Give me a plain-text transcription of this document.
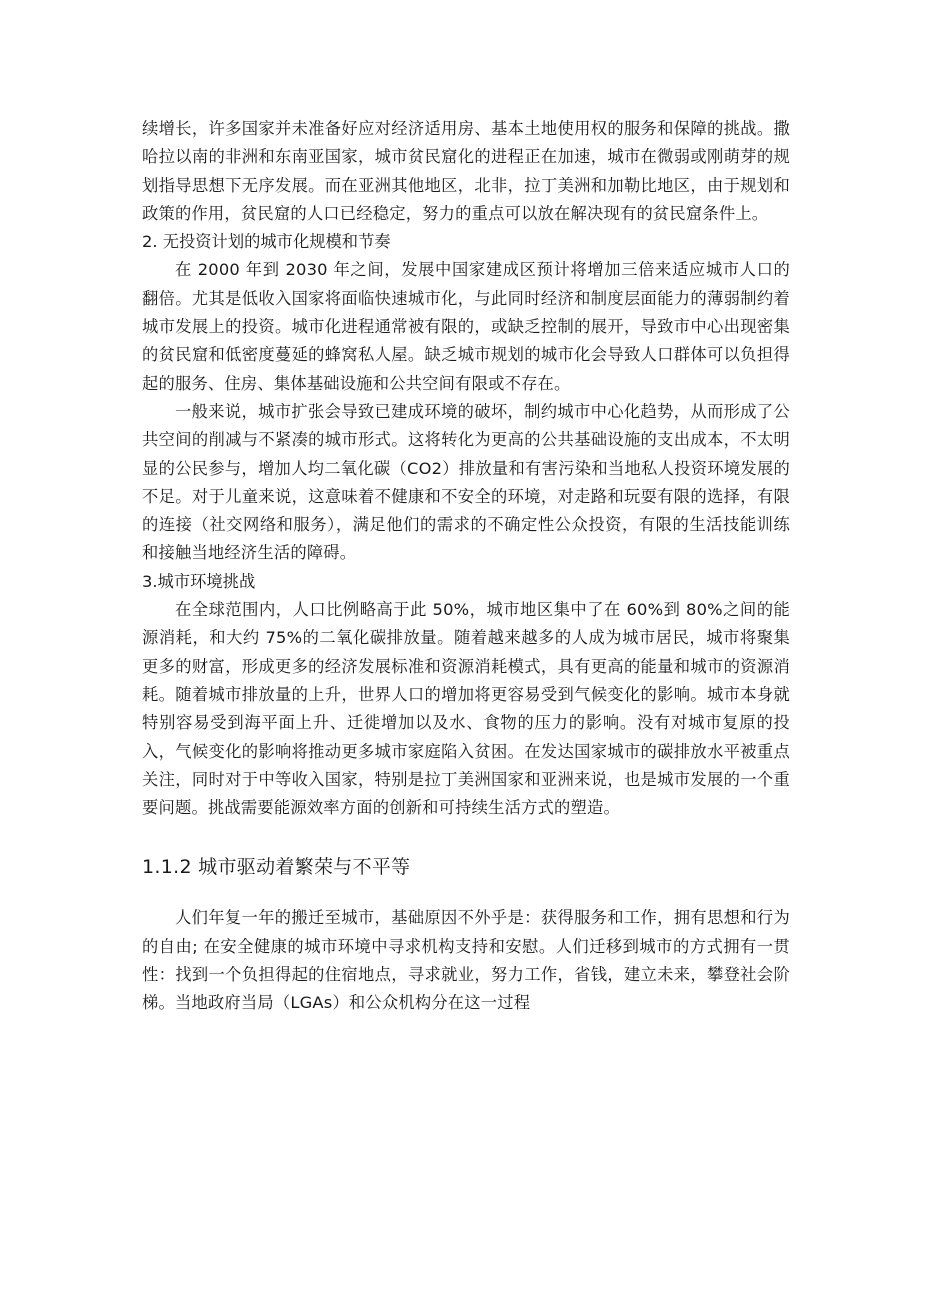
续增长，许多国家并未准备好应对经济适用房、基本土地使用权的服务和保障的挑战。撒哈拉以南的非洲和东南亚国家，城市贫民窟化的进程正在加速，城市在微弱或刚萌芽的规划指导思想下无序发展。而在亚洲其他地区，北非，拉丁美洲和加勒比地区，由于规划和政策的作用，贫民窟的人口已经稳定，努力的重点可以放在解决现有的贫民窟条件上。

2. 无投资计划的城市化规模和节奏

在 2000 年到 2030 年之间，发展中国家建成区预计将增加三倍来适应城市人口的翻倍。尤其是低收入国家将面临快速城市化，与此同时经济和制度层面能力的薄弱制约着城市发展上的投资。城市化进程通常被有限的，或缺乏控制的展开，导致市中心出现密集的贫民窟和低密度蔓延的蜂窝私人屋。缺乏城市规划的城市化会导致人口群体可以负担得起的服务、住房、集体基础设施和公共空间有限或不存在。

一般来说，城市扩张会导致已建成环境的破坏，制约城市中心化趋势，从而形成了公共空间的削减与不紧凑的城市形式。这将转化为更高的公共基础设施的支出成本，不太明显的公民参与，增加人均二氧化碳（CO2）排放量和有害污染和当地私人投资环境发展的不足。对于儿童来说，这意味着不健康和不安全的环境，对走路和玩耍有限的选择，有限的连接（社交网络和服务），满足他们的需求的不确定性公众投资，有限的生活技能训练和接触当地经济生活的障碍。

3.城市环境挑战

在全球范围内，人口比例略高于此 50%，城市地区集中了在 60%到 80%之间的能源消耗，和大约 75%的二氧化碳排放量。随着越来越多的人成为城市居民，城市将聚集更多的财富，形成更多的经济发展标准和资源消耗模式，具有更高的能量和城市的资源消耗。随着城市排放量的上升，世界人口的增加将更容易受到气候变化的影响。城市本身就特别容易受到海平面上升、迁徙增加以及水、食物的压力的影响。没有对城市复原的投入，气候变化的影响将推动更多城市家庭陷入贫困。在发达国家城市的碳排放水平被重点关注，同时对于中等收入国家，特别是拉丁美洲国家和亚洲来说，也是城市发展的一个重要问题。挑战需要能源效率方面的创新和可持续生活方式的塑造。

1.1.2 城市驱动着繁荣与不平等

人们年复一年的搬迁至城市，基础原因不外乎是：获得服务和工作，拥有思想和行为的自由; 在安全健康的城市环境中寻求机构支持和安慰。人们迁移到城市的方式拥有一贯性：找到一个负担得起的住宿地点，寻求就业，努力工作，省钱，建立未来，攀登社会阶梯。当地政府当局（LGAs）和公众机构分在这一过程
